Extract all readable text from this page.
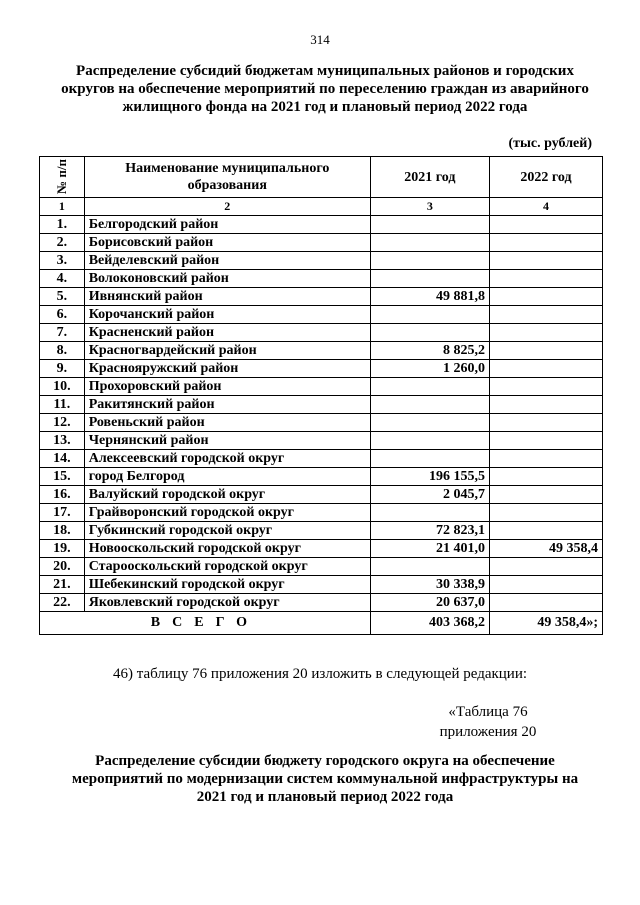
314
Распределение субсидий бюджетам муниципальных районов и городских округов на обеспечение мероприятий по переселению граждан из аварийного жилищного фонда на 2021 год и плановый период 2022 года
(тыс. рублей)
№ п/п	Наименование муниципального образования	2021 год	2022 год
1	2	3	4
1.	Белгородский район		
2.	Борисовский район		
3.	Вейделевский район		
4.	Волоконовский район		
5.	Ивнянский район	49 881,8	
6.	Корочанский район		
7.	Красненский район		
8.	Красногвардейский район	8 825,2	
9.	Краснояружский район	1 260,0	
10.	Прохоровский район		
11.	Ракитянский район		
12.	Ровеньский район		
13.	Чернянский район		
14.	Алексеевский городской округ		
15.	город Белгород	196 155,5	
16.	Валуйский городской округ	2 045,7	
17.	Грайворонский городской округ		
18.	Губкинский городской округ	72 823,1	
19.	Новооскольский городской округ	21 401,0	49 358,4
20.	Старооскольский городской округ		
21.	Шебекинский городской округ	30 338,9	
22.	Яковлевский городской округ	20 637,0	
ВСЕГО		403 368,2	49 358,4»;
46) таблицу 76 приложения 20 изложить в следующей редакции:
«Таблица 76
приложения 20
Распределение субсидии бюджету городского округа на обеспечение мероприятий по модернизации систем коммунальной инфраструктуры на 2021 год и плановый период 2022 года
